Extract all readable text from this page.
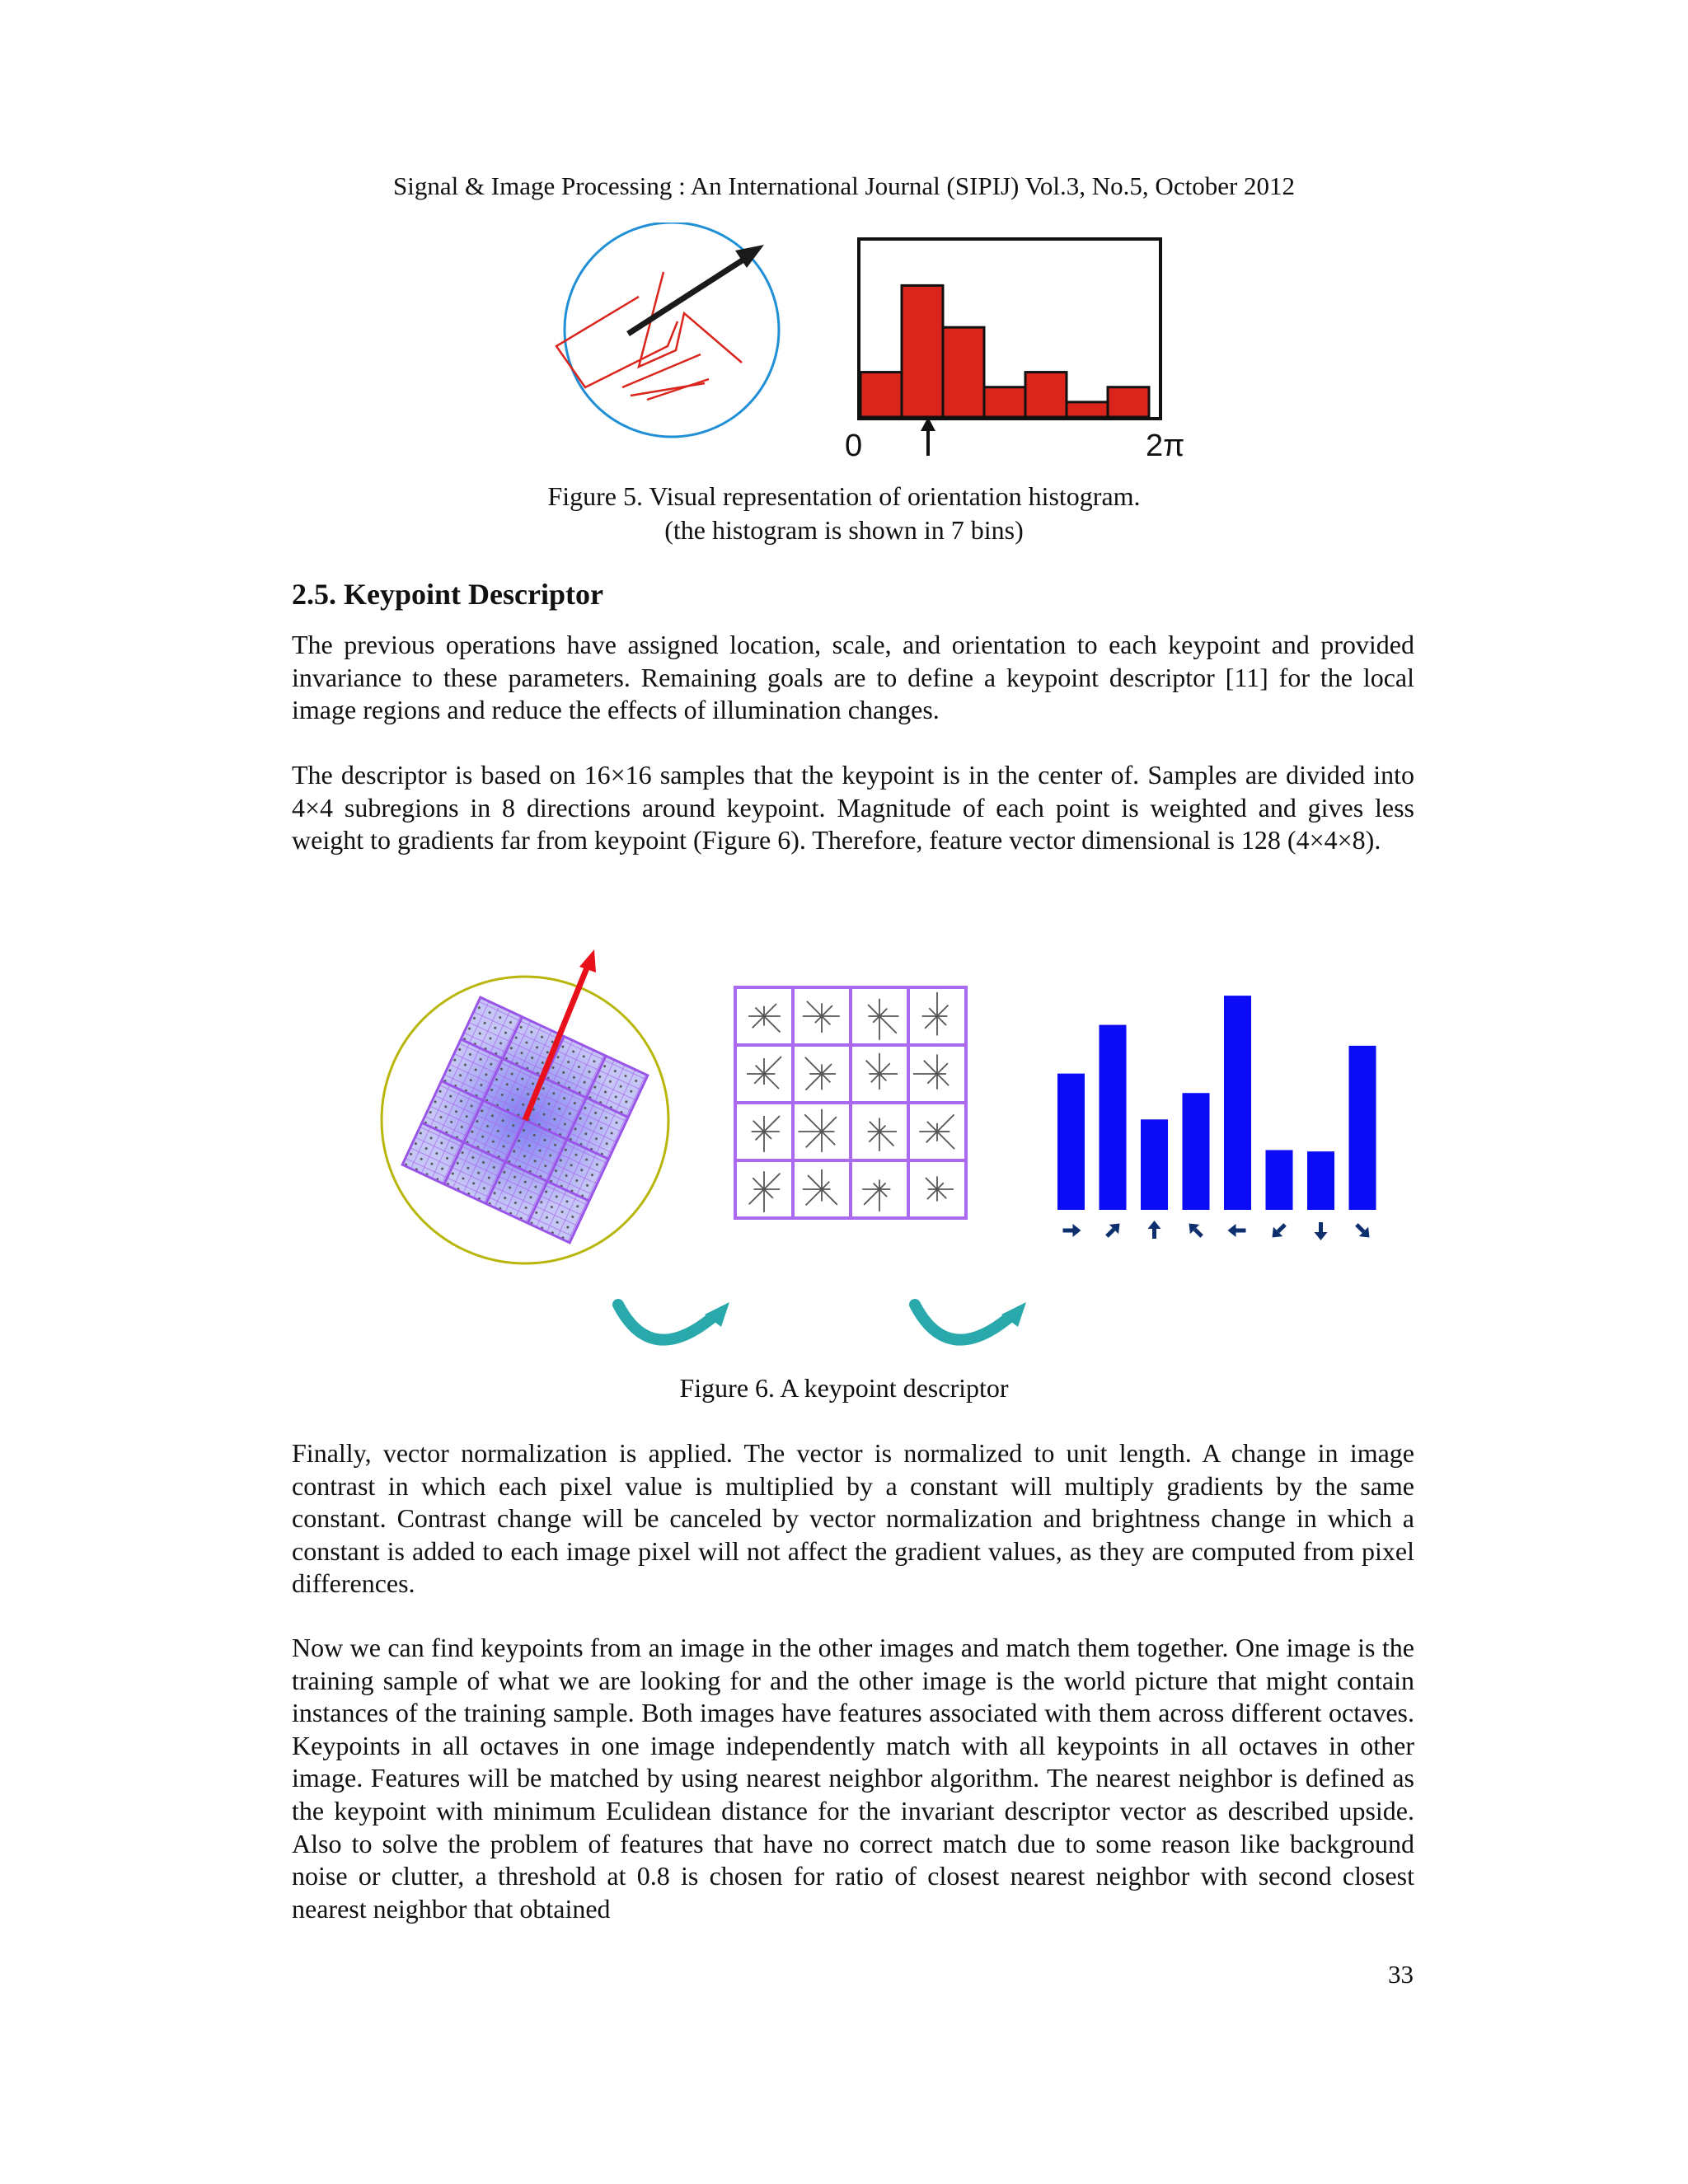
Signal & Image Processing : An International Journal (SIPIJ) Vol.3, No.5, October 2012
0	2π
Figure 5. Visual representation of orientation histogram.
(the histogram is shown in 7 bins)
2.5. Keypoint Descriptor
The previous operations have assigned location, scale, and orientation to each keypoint and provided invariance to these parameters. Remaining goals are to define a keypoint descriptor [11] for the local image regions and reduce the effects of illumination changes.
The descriptor is based on 16×16 samples that the keypoint is in the center of. Samples are divided into 4×4 subregions in 8 directions around keypoint. Magnitude of each point is weighted and gives less weight to gradients far from keypoint (Figure 6). Therefore, feature vector dimensional is 128 (4×4×8).
Figure 6. A keypoint descriptor
Finally, vector normalization is applied. The vector is normalized to unit length. A change in image contrast in which each pixel value is multiplied by a constant will multiply gradients by the same constant. Contrast change will be canceled by vector normalization and brightness change in which a constant is added to each image pixel will not affect the gradient values, as they are computed from pixel differences.
Now we can find keypoints from an image in the other images and match them together. One image is the training sample of what we are looking for and the other image is the world picture that might contain instances of the training sample. Both images have features associated with them across different octaves. Keypoints in all octaves in one image independently match with all keypoints in all octaves in other image. Features will be matched by using nearest neighbor algorithm. The nearest neighbor is defined as the keypoint with minimum Eculidean distance for the invariant descriptor vector as described upside. Also to solve the problem of features that have no correct match due to some reason like background noise or clutter, a threshold at 0.8 is chosen for ratio of closest nearest neighbor with second closest nearest neighbor that obtained
33
